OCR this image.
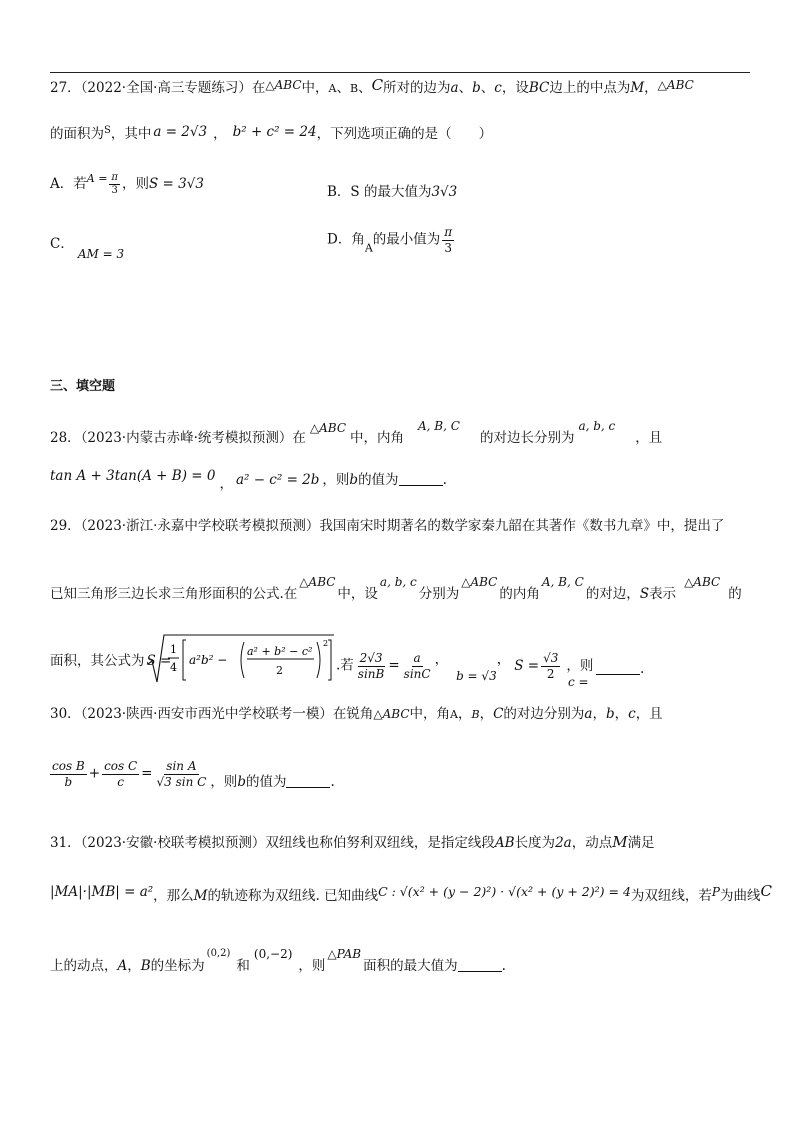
27．（2022·全国·高三专题练习）在△ABC中，A、B、C所对的边为a、b、c，设BC边上的中点为M，△ABC
的面积为$^S$，其中 a = 2√3 ， b² + c² = 24，下列选项正确的是（　　）
A．若$^{A =} \frac{\pi}{3}$ ，则S = 3√3	B．S 的最大值为3√3
C．AM = 3
D．角$_A$的最小值为 $\frac{\pi}{3}$
三、填空题
28．（2023·内蒙古赤峰·统考模拟预测）在△ABC中，内角A, B, C的对边长分别为a, b, c，且
tan A + 3tan(A + B) = 0 ， a² − c² = 2b ，则b的值为	.
29．（2023·浙江·永嘉中学校联考模拟预测）我国南宋时期著名的数学家秦九韶在其著作《数书九章》中，提出了
已知三角形三边长求三角形面积的公式.在△ABC中，设a, b, c分别为△ABC的内角A, B, C的对边，S表示△ABC的
面积，其公式为 S =
1
4
a²b² −
a² + b² − c²
2
2
.若 $\frac{2√3}{\sin B} = \frac{a}{\sin C}$ ，b = √3， $S = \frac{√3}{2}$ ，则
c =
.
30．（2023·陕西·西安市西光中学校联考一模）在锐角△ABC中，角A，B，C的对边分别为a，b，c，且
$\frac{\text{cos B}}{b} + \frac{\text{cos C}}{c} = \frac{\text{sin A}}{\text{√3 sin C}}$ ，则b的值为	.
31．（2023·安徽·校联考模拟预测）双纽线也称伯努利双纽线，是指定线段AB长度为2a，动点M满足
|MA|·|MB| = a²，那么M的轨迹称为双纽线. 已知曲线C : √(x² + (y − 2)²) · √(x² + (y + 2)²) = 4为双纽线，若P为曲线C
上的动点，A，B的坐标为$^{(0,2)}$和(0,−2)，则△PAB面积的最大值为	.
